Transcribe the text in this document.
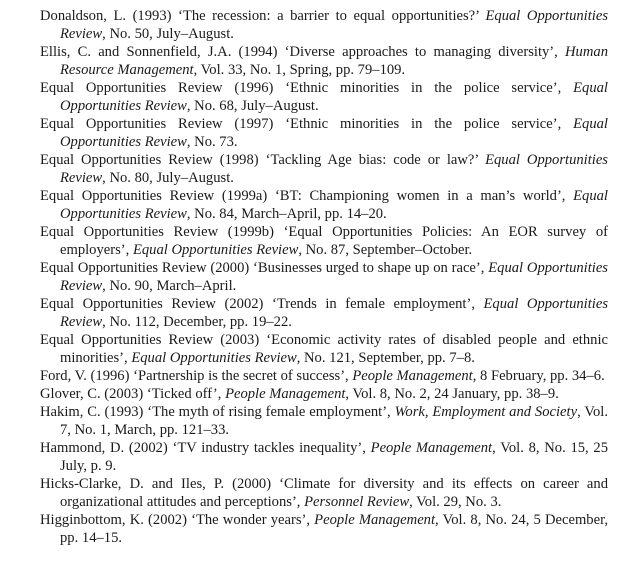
Donaldson, L. (1993) ‘The recession: a barrier to equal opportunities?’ Equal Opportunities Review, No. 50, July–August.

Ellis, C. and Sonnenfield, J.A. (1994) ‘Diverse approaches to managing diversity’, Human Resource Management, Vol. 33, No. 1, Spring, pp. 79–109.

Equal Opportunities Review (1996) ‘Ethnic minorities in the police service’, Equal Opportunities Review, No. 68, July–August.

Equal Opportunities Review (1997) ‘Ethnic minorities in the police service’, Equal Opportunities Review, No. 73.

Equal Opportunities Review (1998) ‘Tackling Age bias: code or law?’ Equal Opportunities Review, No. 80, July–August.

Equal Opportunities Review (1999a) ‘BT: Championing women in a man’s world’, Equal Opportunities Review, No. 84, March–April, pp. 14–20.

Equal Opportunities Review (1999b) ‘Equal Opportunities Policies: An EOR survey of employers’, Equal Opportunities Review, No. 87, September–October.

Equal Opportunities Review (2000) ‘Businesses urged to shape up on race’, Equal Opportunities Review, No. 90, March–April.

Equal Opportunities Review (2002) ‘Trends in female employment’, Equal Opportunities Review, No. 112, December, pp. 19–22.

Equal Opportunities Review (2003) ‘Economic activity rates of disabled people and ethnic minorities’, Equal Opportunities Review, No. 121, September, pp. 7–8.

Ford, V. (1996) ‘Partnership is the secret of success’, People Management, 8 February, pp. 34–6.

Glover, C. (2003) ‘Ticked off’, People Management, Vol. 8, No. 2, 24 January, pp. 38–9.

Hakim, C. (1993) ‘The myth of rising female employment’, Work, Employment and Society, Vol. 7, No. 1, March, pp. 121–33.

Hammond, D. (2002) ‘TV industry tackles inequality’, People Management, Vol. 8, No. 15, 25 July, p. 9.

Hicks-Clarke, D. and Iles, P. (2000) ‘Climate for diversity and its effects on career and organizational attitudes and perceptions’, Personnel Review, Vol. 29, No. 3.

Higginbottom, K. (2002) ‘The wonder years’, People Management, Vol. 8, No. 24, 5 December, pp. 14–15.
